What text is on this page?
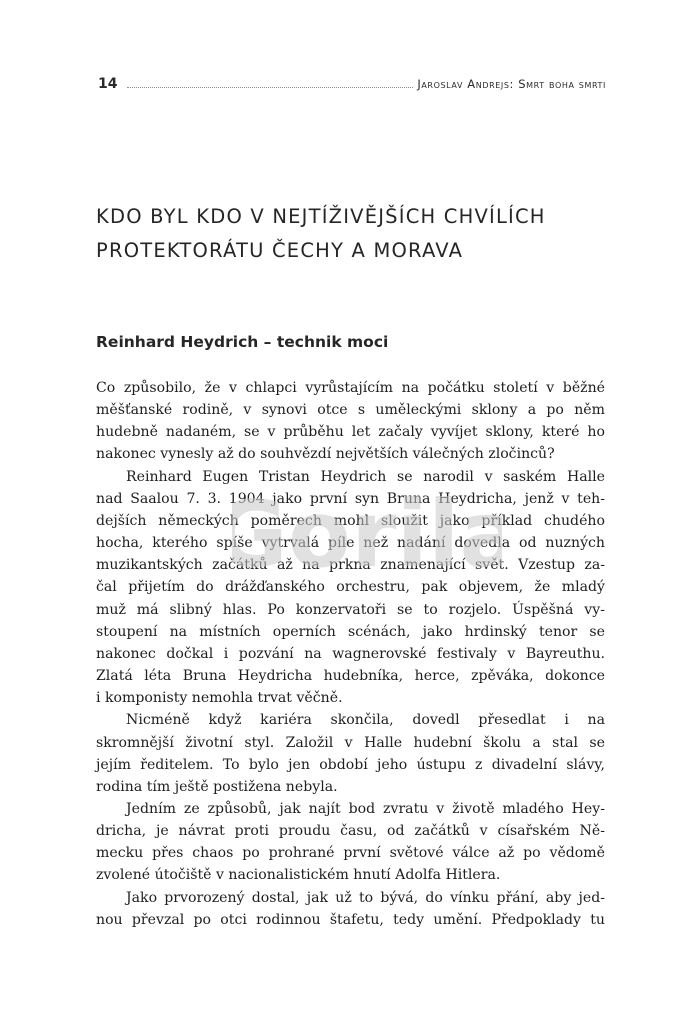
14	Jaroslav Andrejs: Smrt boha smrti
KDO BYL KDO V NEJTÍŽIVĚJŠÍCH CHVÍLÍCH
PROTEKTORÁTU ČECHY A MORAVA
Reinhard Heydrich – technik moci
Co způsobilo, že v chlapci vyrůstajícím na počátku století v běžné
měšťanské rodině, v synovi otce s uměleckými sklony a po něm
hudebně nadaném, se v průběhu let začaly vyvíjet sklony, které ho
nakonec vynesly až do souhvězdí největších válečných zločinců?
Reinhard Eugen Tristan Heydrich se narodil v saském Halle
nad Saalou 7. 3. 1904 jako první syn Bruna Heydricha, jenž v teh-
dejších německých poměrech mohl sloužit jako příklad chudého
hocha, kterého spíše vytrvalá píle než nadání dovedla od nuzných
muzikantských začátků až na prkna znamenající svět. Vzestup za-
čal přijetím do drážďanského orchestru, pak objevem, že mladý
muž má slibný hlas. Po konzervatoři se to rozjelo. Úspěšná vy-
stoupení na místních operních scénách, jako hrdinský tenor se
nakonec dočkal i pozvání na wagnerovské festivaly v Bayreuthu.
Zlatá léta Bruna Heydricha hudebníka, herce, zpěváka, dokonce
i komponisty nemohla trvat věčně.
Nicméně když kariéra skončila, dovedl přesedlat i na
skromnější životní styl. Založil v Halle hudební školu a stal se
jejím ředitelem. To bylo jen období jeho ústupu z divadelní slávy,
rodina tím ještě postižena nebyla.
Jedním ze způsobů, jak najít bod zvratu v životě mladého Hey-
dricha, je návrat proti proudu času, od začátků v císařském Ně-
mecku přes chaos po prohrané první světové válce až po vědomě
zvolené útočiště v nacionalistickém hnutí Adolfa Hitlera.
Jako prvorozený dostal, jak už to bývá, do vínku přání, aby jed-
nou převzal po otci rodinnou štafetu, tedy umění. Předpoklady tu
Gorila
